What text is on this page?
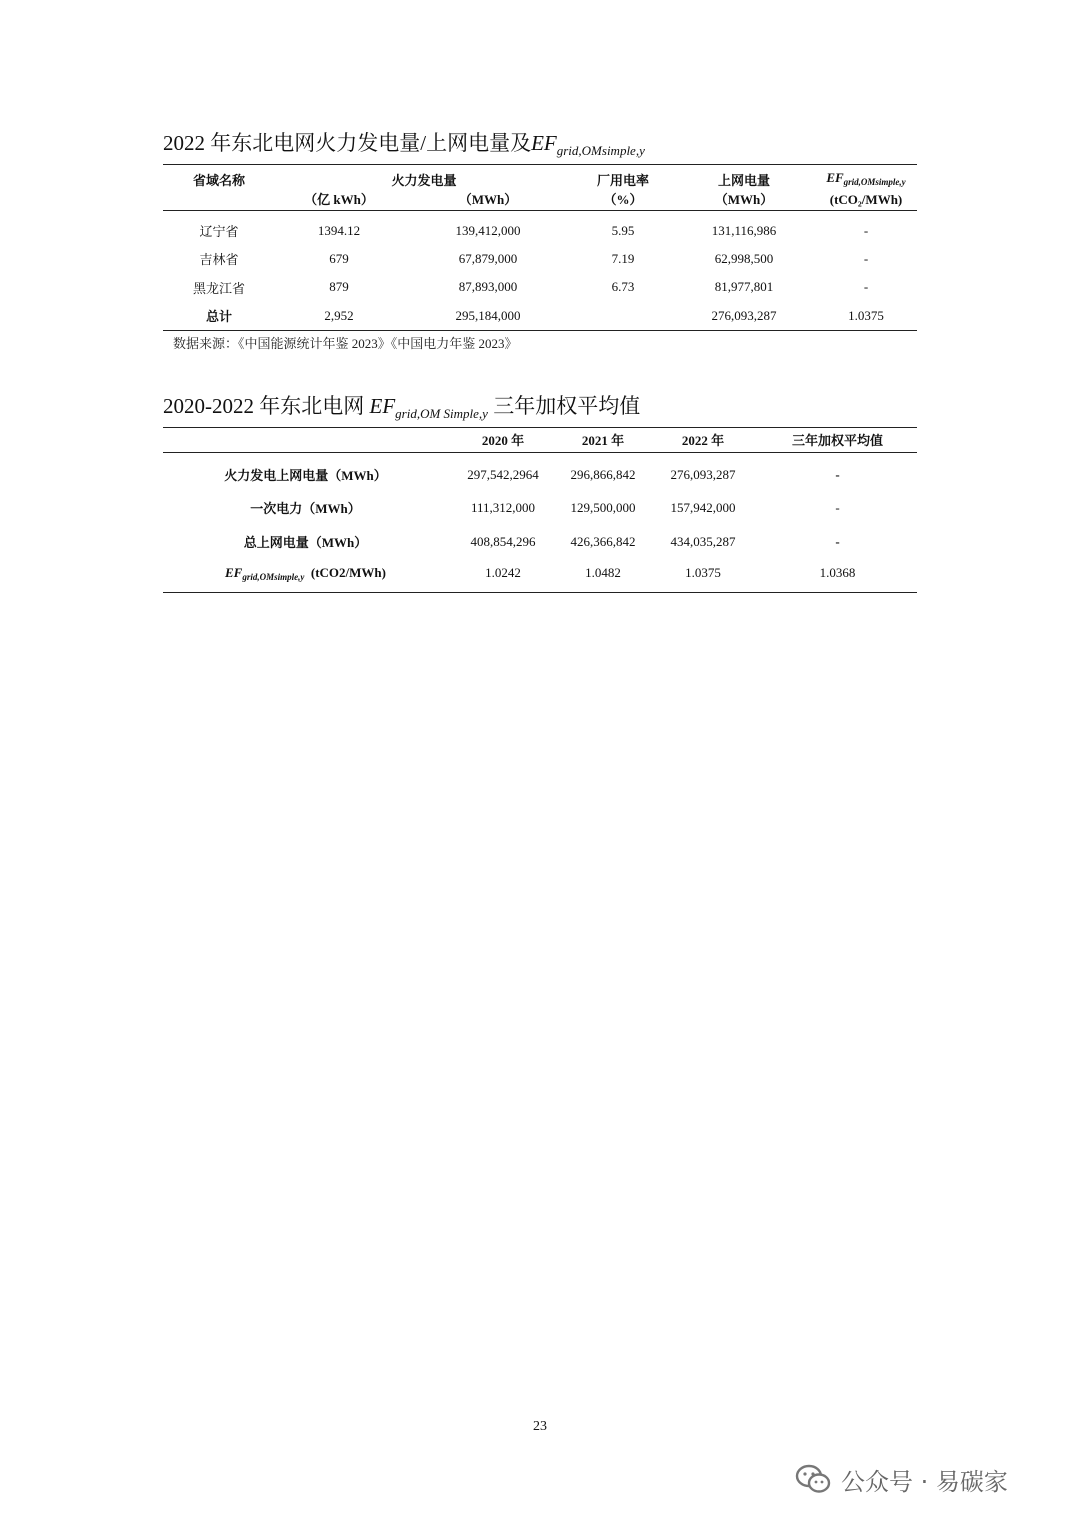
2022 年东北电网火力发电量/上网电量及$EF_{grid,OMsimple,y}$
省域名称	火力发电量		厂用电率	上网电量	$EF_{grid,OMsimple,y}$
	（亿 kWh）	（MWh）	（%）	（MWh）	(tCO₂/MWh)
辽宁省	1394.12	139,412,000	5.95	131,116,986	-
吉林省	679	67,879,000	7.19	62,998,500	-
黑龙江省	879	87,893,000	6.73	81,977,801	-
总计	2,952	295,184,000		276,093,287	1.0375
数据来源：《中国能源统计年鉴 2023》《中国电力年鉴 2023》
2020-2022 年东北电网 $EF_{grid,OM Simple,y}$ 三年加权平均值
	2020 年	2021 年	2022 年	三年加权平均值
火力发电上网电量（MWh）	297,542,2964	296,866,842	276,093,287	-
一次电力（MWh）	111,312,000	129,500,000	157,942,000	-
总上网电量（MWh）	408,854,296	426,366,842	434,035,287	-
$EF_{grid,OMsimple,y}$ (tCO2/MWh)	1.0242	1.0482	1.0375	1.0368
23
公众号 · 易碳家
